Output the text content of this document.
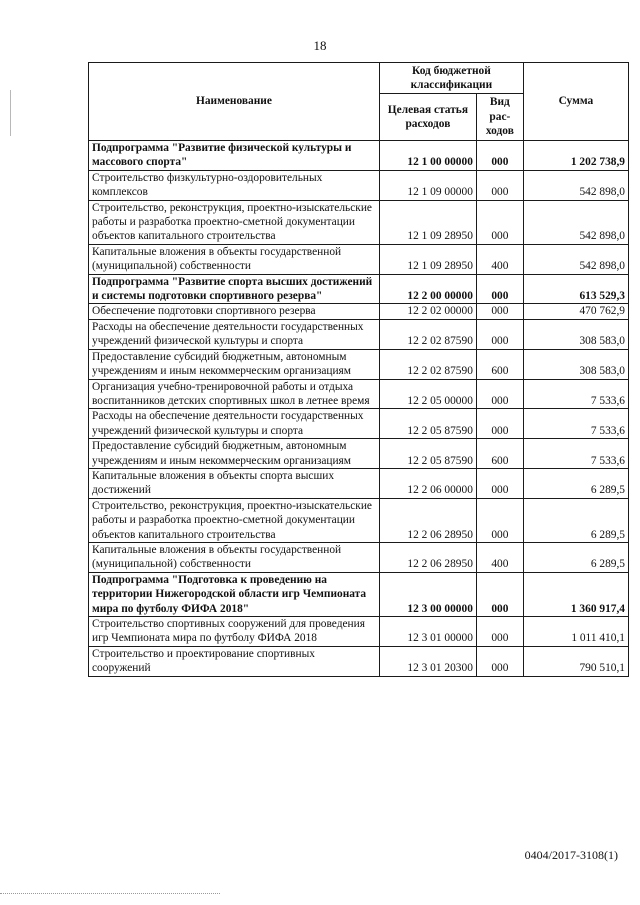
18
Наименование	Код бюджетной классификации		Сумма
	Целевая статья расходов	Вид рас-ходов	
Подпрограмма "Развитие физической культуры и массового спорта"	12 1 00 00000	000	1 202 738,9
Строительство физкультурно-оздоровительных комплексов	12 1 09 00000	000	542 898,0
Строительство, реконструкция, проектно-изыскательские работы и разработка проектно-сметной документации объектов капитального строительства	12 1 09 28950	000	542 898,0
Капитальные вложения в объекты государственной (муниципальной) собственности	12 1 09 28950	400	542 898,0
Подпрограмма "Развитие спорта высших достижений и системы подготовки спортивного резерва"	12 2 00 00000	000	613 529,3
Обеспечение подготовки спортивного резерва	12 2 02 00000	000	470 762,9
Расходы на обеспечение деятельности государственных учреждений физической культуры и спорта	12 2 02 87590	000	308 583,0
Предоставление субсидий бюджетным, автономным учреждениям и иным некоммерческим организациям	12 2 02 87590	600	308 583,0
Организация учебно-тренировочной работы и отдыха воспитанников детских спортивных школ в летнее время	12 2 05 00000	000	7 533,6
Расходы на обеспечение деятельности государственных учреждений физической культуры и спорта	12 2 05 87590	000	7 533,6
Предоставление субсидий бюджетным, автономным учреждениям и иным некоммерческим организациям	12 2 05 87590	600	7 533,6
Капитальные вложения в объекты спорта высших достижений	12 2 06 00000	000	6 289,5
Строительство, реконструкция, проектно-изыскательские работы и разработка проектно-сметной документации объектов капитального строительства	12 2 06 28950	000	6 289,5
Капитальные вложения в объекты государственной (муниципальной) собственности	12 2 06 28950	400	6 289,5
Подпрограмма "Подготовка к проведению на территории Нижегородской области игр Чемпионата мира по футболу ФИФА 2018"	12 3 00 00000	000	1 360 917,4
Строительство спортивных сооружений для проведения игр Чемпионата мира по футболу ФИФА 2018	12 3 01 00000	000	1 011 410,1
Строительство и проектирование спортивных сооружений	12 3 01 20300	000	790 510,1
0404/2017-3108(1)
